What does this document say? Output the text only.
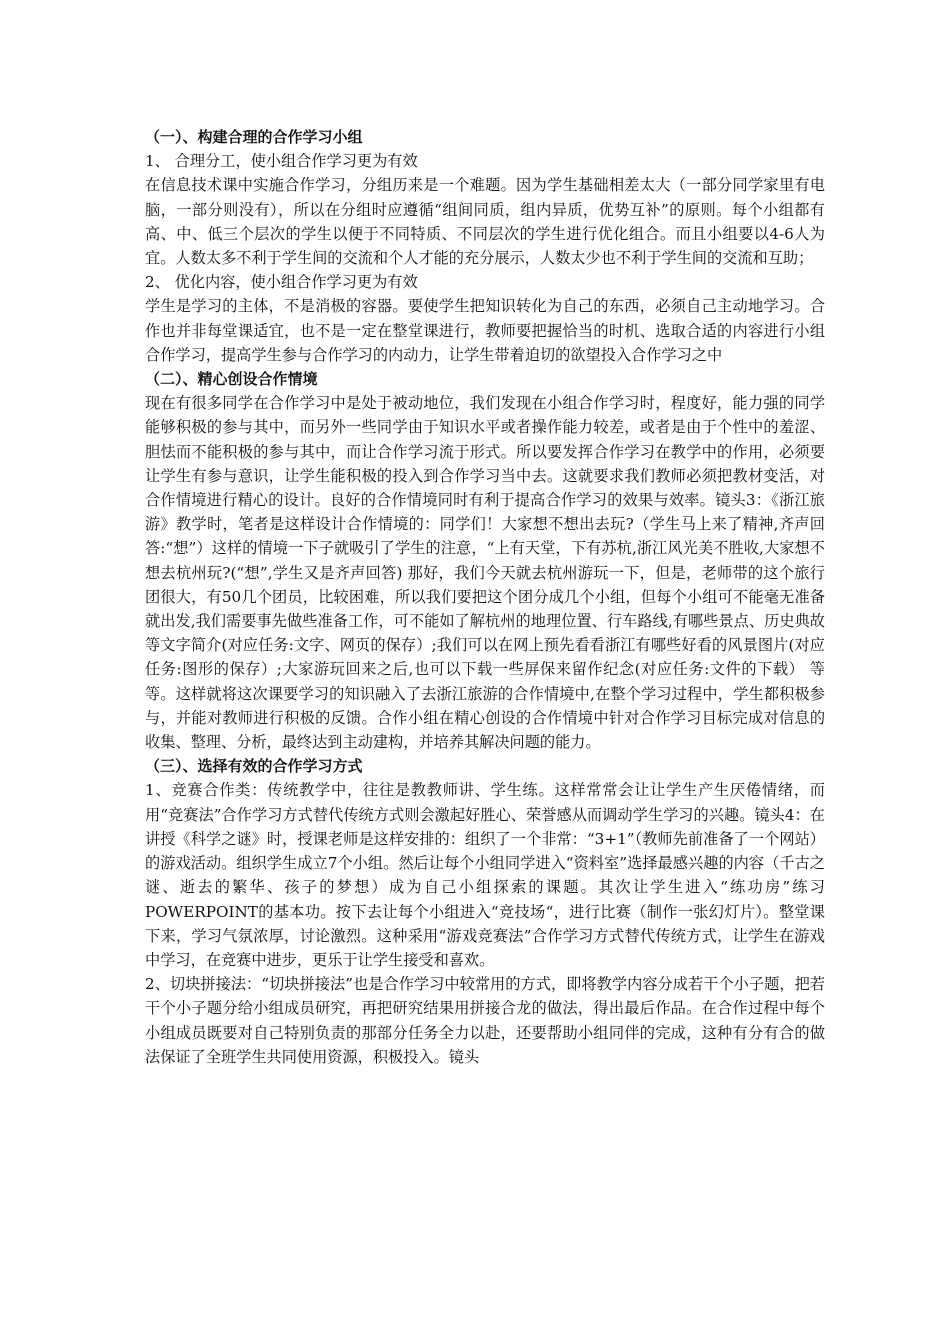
（一）、构建合理的合作学习小组

1、 合理分工，使小组合作学习更为有效

在信息技术课中实施合作学习，分组历来是一个难题。因为学生基础相差太大（一部分同学家里有电脑，一部分则没有），所以在分组时应遵循“组间同质，组内异质，优势互补”的原则。每个小组都有高、中、低三个层次的学生以便于不同特质、不同层次的学生进行优化组合。而且小组要以4-6人为宜。人数太多不利于学生间的交流和个人才能的充分展示，人数太少也不利于学生间的交流和互助；

2、 优化内容，使小组合作学习更为有效

学生是学习的主体，不是消极的容器。要使学生把知识转化为自己的东西，必须自己主动地学习。合作也并非每堂课适宜，也不是一定在整堂课进行，教师要把握恰当的时机、选取合适的内容进行小组合作学习，提高学生参与合作学习的内动力，让学生带着迫切的欲望投入合作学习之中

（二）、精心创设合作情境

现在有很多同学在合作学习中是处于被动地位，我们发现在小组合作学习时，程度好，能力强的同学能够积极的参与其中，而另外一些同学由于知识水平或者操作能力较差，或者是由于个性中的羞涩、胆怯而不能积极的参与其中，而让合作学习流于形式。所以要发挥合作学习在教学中的作用，必须要让学生有参与意识，让学生能积极的投入到合作学习当中去。这就要求我们教师必须把教材变活，对合作情境进行精心的设计。良好的合作情境同时有利于提高合作学习的效果与效率。镜头3：《浙江旅游》教学时，笔者是这样设计合作情境的：同学们！大家想不想出去玩?（学生马上来了精神,齐声回答:“想”）这样的情境一下子就吸引了学生的注意，“上有天堂，下有苏杭,浙江风光美不胜收,大家想不想去杭州玩?(“想”,学生又是齐声回答) 那好，我们今天就去杭州游玩一下，但是，老师带的这个旅行团很大，有50几个团员，比较困难，所以我们要把这个团分成几个小组，但每个小组可不能毫无准备就出发,我们需要事先做些准备工作，可不能如了解杭州的地理位置、行车路线,有哪些景点、历史典故等文字简介(对应任务:文字、网页的保存）;我们可以在网上预先看看浙江有哪些好看的风景图片(对应任务:图形的保存）;大家游玩回来之后,也可以下载一些屏保来留作纪念(对应任务:文件的下载） 等等。这样就将这次课要学习的知识融入了去浙江旅游的合作情境中,在整个学习过程中，学生都积极参与，并能对教师进行积极的反馈。合作小组在精心创设的合作情境中针对合作学习目标完成对信息的收集、整理、分析，最终达到主动建构，并培养其解决问题的能力。

（三）、选择有效的合作学习方式

1、竞赛合作类：传统教学中，往往是教教师讲、学生练。这样常常会让让学生产生厌倦情绪，而用“竞赛法”合作学习方式替代传统方式则会激起好胜心、荣誉感从而调动学生学习的兴趣。镜头4：在讲授《科学之谜》时，授课老师是这样安排的：组织了一个非常：“3+1”（教师先前准备了一个网站）的游戏活动。组织学生成立7个小组。然后让每个小组同学进入“资料室”选择最感兴趣的内容（千古之谜、逝去的繁华、孩子的梦想）成为自己小组探索的课题。其次让学生进入“练功房”练习POWERPOINT的基本功。按下去让每个小组进入“竞技场“，进行比赛（制作一张幻灯片）。整堂课下来，学习气氛浓厚，讨论激烈。这种采用“游戏竞赛法”合作学习方式替代传统方式，让学生在游戏中学习，在竞赛中进步，更乐于让学生接受和喜欢。

2、切块拼接法：“切块拼接法”也是合作学习中较常用的方式，即将教学内容分成若干个小子题，把若干个小子题分给小组成员研究，再把研究结果用拼接合龙的做法，得出最后作品。在合作过程中每个小组成员既要对自己特别负责的那部分任务全力以赴，还要帮助小组同伴的完成，这种有分有合的做法保证了全班学生共同使用资源，积极投入。镜头
